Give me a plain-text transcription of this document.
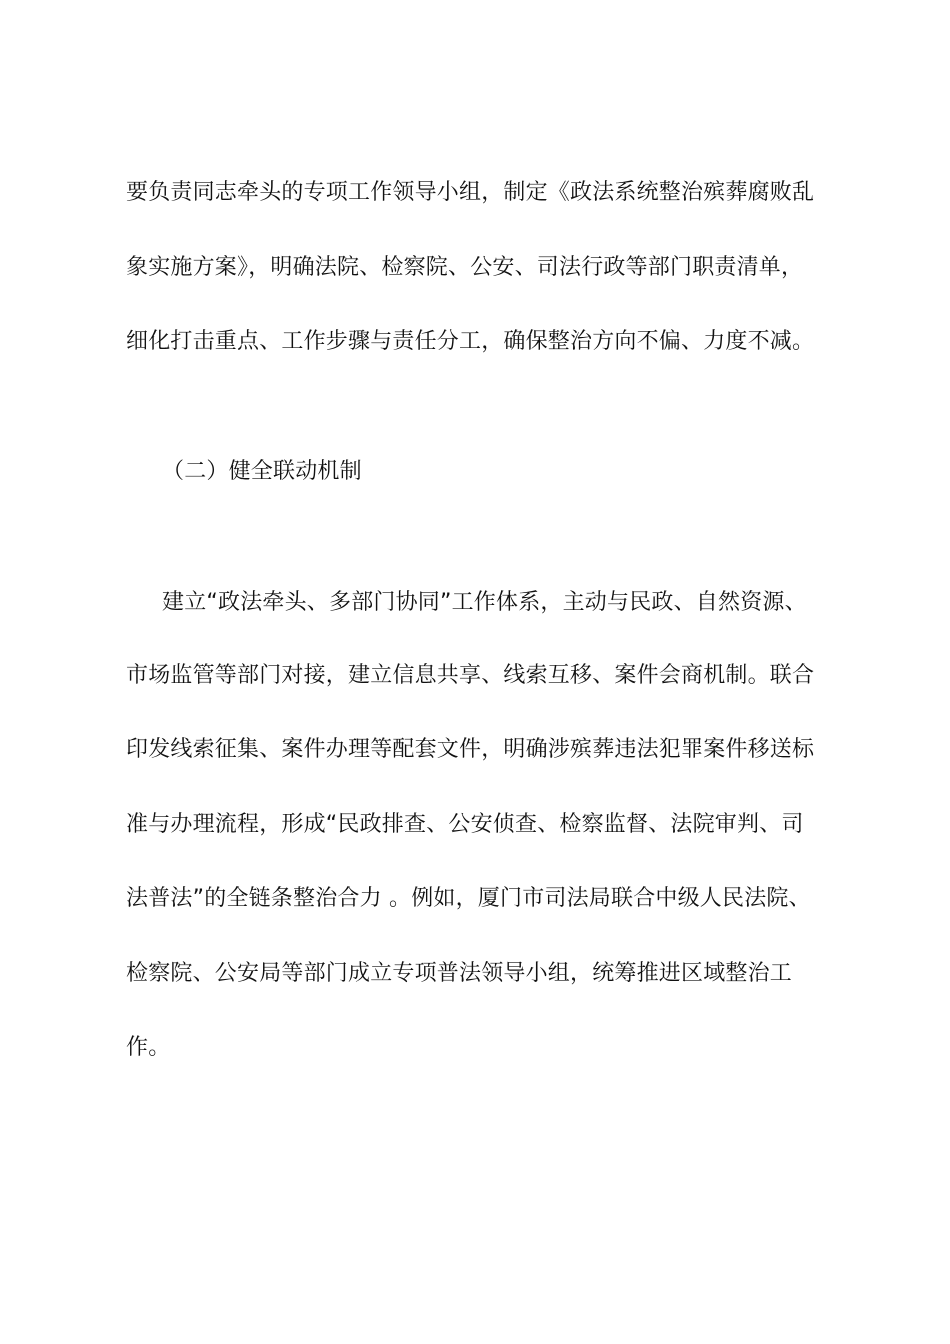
要负责同志牵头的专项工作领导小组，制定《政法系统整治殡葬腐败乱
象实施方案》，明确法院、检察院、公安、司法行政等部门职责清单，
细化打击重点、工作步骤与责任分工，确保整治方向不偏、力度不减。
（二）健全联动机制
建立“政法牵头、多部门协同”工作体系，主动与民政、自然资源、
市场监管等部门对接，建立信息共享、线索互移、案件会商机制。联合
印发线索征集、案件办理等配套文件，明确涉殡葬违法犯罪案件移送标
准与办理流程，形成“民政排查、公安侦查、检察监督、法院审判、司
法普法”的全链条整治合力 。例如，厦门市司法局联合中级人民法院、
检察院、公安局等部门成立专项普法领导小组，统筹推进区域整治工
作。
